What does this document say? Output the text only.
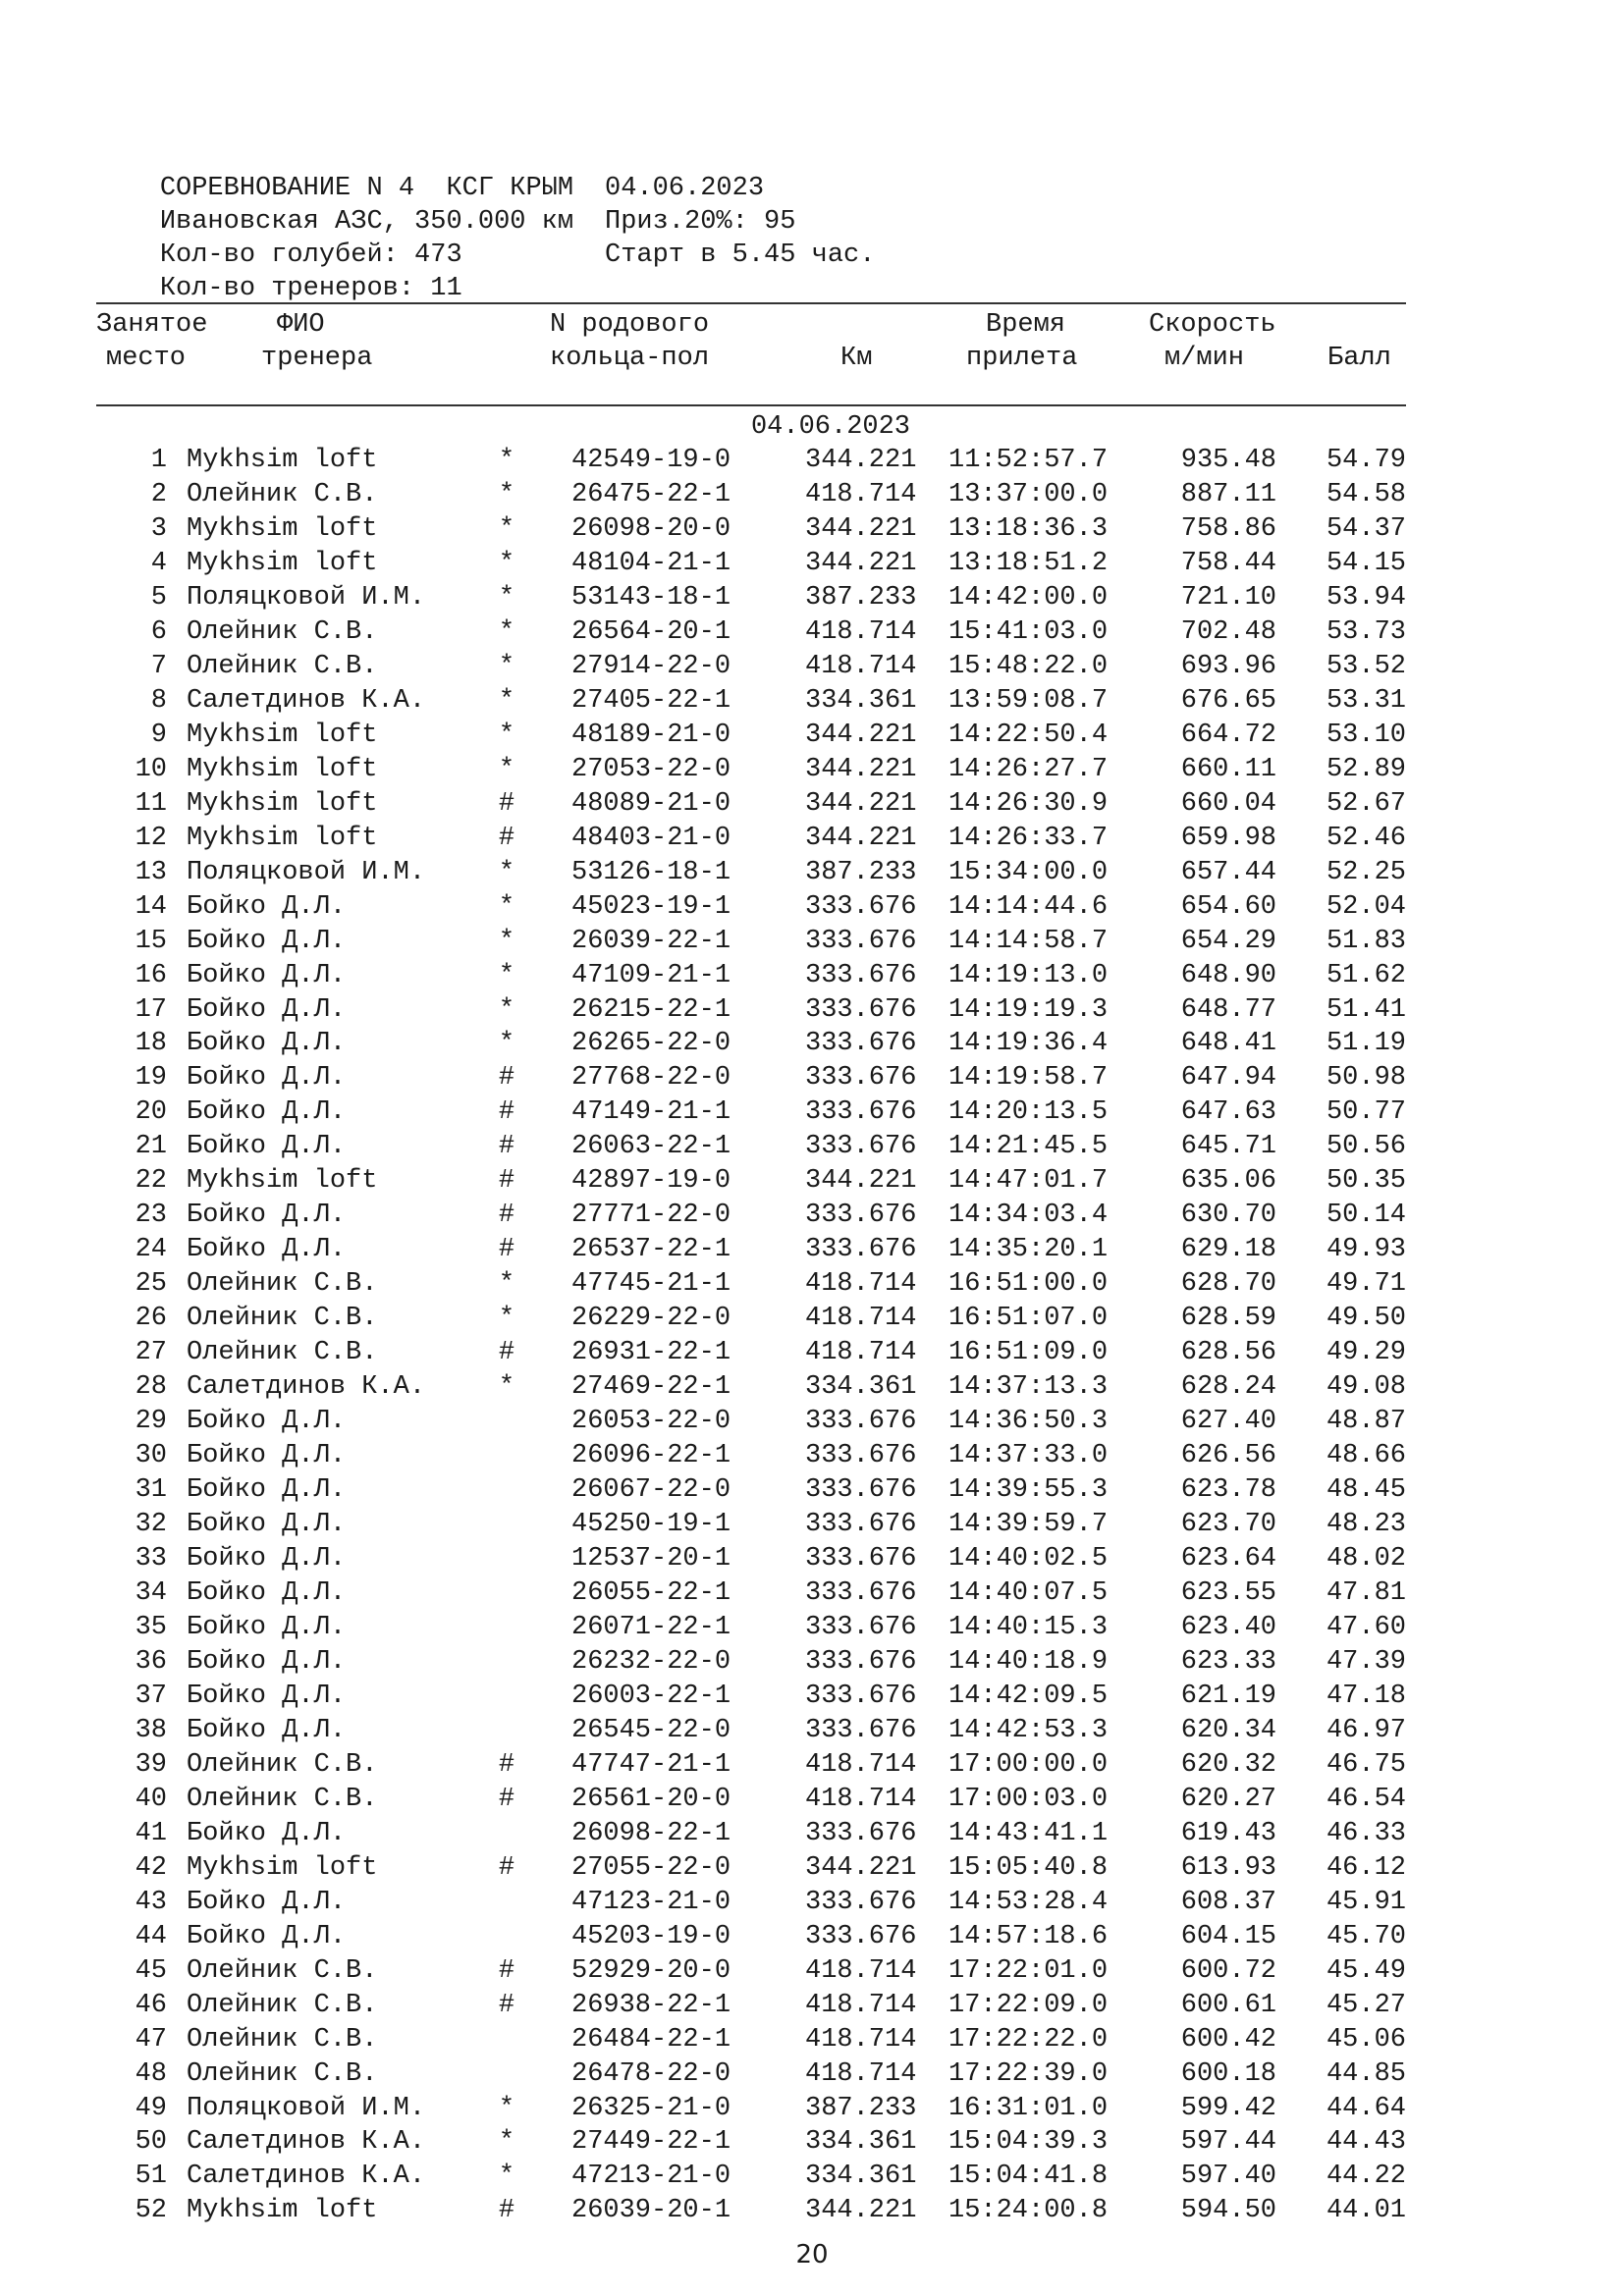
СОРЕВНОВАНИЕ N 4  КСГ КРЫМ

Ивановская АЗС, 350.000 км

04.06.2023

Кол-во голубей: 473

Приз.20%: 95

Кол-во тренеров: 11

Старт в 5.45 час.

Занятое
место
ФИО
тренера
N родового
кольца-пол	Км
Время
прилета
Скорость
м/мин	Балл
04.06.2023
1 Mykhsim loft	* 42549-19-0	344.221 11:52:57.7	935.48	54.79
2 Олейник С.В.	* 26475-22-1	418.714 13:37:00.0	887.11	54.58
3 Mykhsim loft	* 26098-20-0	344.221 13:18:36.3	758.86	54.37
4 Mykhsim loft	* 48104-21-1	344.221 13:18:51.2	758.44	54.15
5 Поляцковой И.М.	* 53143-18-1	387.233 14:42:00.0	721.10	53.94
6 Олейник С.В.	* 26564-20-1	418.714 15:41:03.0	702.48	53.73
7 Олейник С.В.	* 27914-22-0	418.714 15:48:22.0	693.96	53.52
8 Салетдинов К.А.	* 27405-22-1	334.361 13:59:08.7	676.65	53.31
9 Mykhsim loft	* 48189-21-0	344.221 14:22:50.4	664.72	53.10
10 Mykhsim loft	* 27053-22-0	344.221 14:26:27.7	660.11	52.89
11 Mykhsim loft	# 48089-21-0	344.221 14:26:30.9	660.04	52.67
12 Mykhsim loft	# 48403-21-0	344.221 14:26:33.7	659.98	52.46
13 Поляцковой И.М.	* 53126-18-1	387.233 15:34:00.0	657.44	52.25
14 Бойко Д.Л.	* 45023-19-1	333.676 14:14:44.6	654.60	52.04
15 Бойко Д.Л.	* 26039-22-1	333.676 14:14:58.7	654.29	51.83
16 Бойко Д.Л.	* 47109-21-1	333.676 14:19:13.0	648.90	51.62
17 Бойко Д.Л.	* 26215-22-1	333.676 14:19:19.3	648.77	51.41
18 Бойко Д.Л.	* 26265-22-0	333.676 14:19:36.4	648.41	51.19
19 Бойко Д.Л.	# 27768-22-0	333.676 14:19:58.7	647.94	50.98
20 Бойко Д.Л.	# 47149-21-1	333.676 14:20:13.5	647.63	50.77
21 Бойко Д.Л.	# 26063-22-1	333.676 14:21:45.5	645.71	50.56
22 Mykhsim loft	# 42897-19-0	344.221 14:47:01.7	635.06	50.35
23 Бойко Д.Л.	# 27771-22-0	333.676 14:34:03.4	630.70	50.14
24 Бойко Д.Л.	# 26537-22-1	333.676 14:35:20.1	629.18	49.93
25 Олейник С.В.	* 47745-21-1	418.714 16:51:00.0	628.70	49.71
26 Олейник С.В.	* 26229-22-0	418.714 16:51:07.0	628.59	49.50
27 Олейник С.В.	# 26931-22-1	418.714 16:51:09.0	628.56	49.29
28 Салетдинов К.А.	* 27469-22-1	334.361 14:37:13.3	628.24	49.08
29 Бойко Д.Л.	26053-22-0	333.676 14:36:50.3	627.40	48.87
30 Бойко Д.Л.	26096-22-1	333.676 14:37:33.0	626.56	48.66
31 Бойко Д.Л.	26067-22-0	333.676 14:39:55.3	623.78	48.45
32 Бойко Д.Л.	45250-19-1	333.676 14:39:59.7	623.70	48.23
33 Бойко Д.Л.	12537-20-1	333.676 14:40:02.5	623.64	48.02
34 Бойко Д.Л.	26055-22-1	333.676 14:40:07.5	623.55	47.81
35 Бойко Д.Л.	26071-22-1	333.676 14:40:15.3	623.40	47.60
36 Бойко Д.Л.	26232-22-0	333.676 14:40:18.9	623.33	47.39
37 Бойко Д.Л.	26003-22-1	333.676 14:42:09.5	621.19	47.18
38 Бойко Д.Л.	26545-22-0	333.676 14:42:53.3	620.34	46.97
39 Олейник С.В.	# 47747-21-1	418.714 17:00:00.0	620.32	46.75
40 Олейник С.В.	# 26561-20-0	418.714 17:00:03.0	620.27	46.54
41 Бойко Д.Л.	26098-22-1	333.676 14:43:41.1	619.43	46.33
42 Mykhsim loft	# 27055-22-0	344.221 15:05:40.8	613.93	46.12
43 Бойко Д.Л.	47123-21-0	333.676 14:53:28.4	608.37	45.91
44 Бойко Д.Л.	45203-19-0	333.676 14:57:18.6	604.15	45.70
45 Олейник С.В.	# 52929-20-0	418.714 17:22:01.0	600.72	45.49
46 Олейник С.В.	# 26938-22-1	418.714 17:22:09.0	600.61	45.27
47 Олейник С.В.	26484-22-1	418.714 17:22:22.0	600.42	45.06
48 Олейник С.В.	26478-22-0	418.714 17:22:39.0	600.18	44.85
49 Поляцковой И.М.	* 26325-21-0	387.233 16:31:01.0	599.42	44.64
50 Салетдинов К.А.	* 27449-22-1	334.361 15:04:39.3	597.44	44.43
51 Салетдинов К.А.	* 47213-21-0	334.361 15:04:41.8	597.40	44.22
52 Mykhsim loft	# 26039-20-1	344.221 15:24:00.8	594.50	44.01
20
